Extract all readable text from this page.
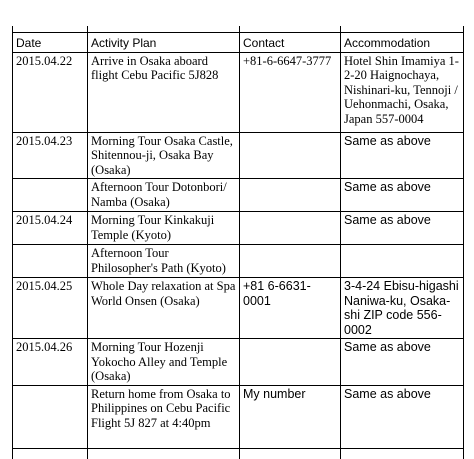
Date	Activity Plan	Contact	Accommodation
2015.04.22	Arrive in Osaka aboard flight Cebu Pacific 5J828	+81-6-6647-3777	Hotel Shin Imamiya 1-2-20 Haignochaya, Nishinari-ku, Tennoji / Uehonmachi, Osaka, Japan 557-0004
2015.04.23	Morning Tour Osaka Castle, Shitennou-ji, Osaka Bay (Osaka)		Same as above
	Afternoon Tour Dotonbori/ Namba (Osaka)		Same as above
2015.04.24	Morning Tour Kinkakuji Temple (Kyoto)		Same as above
	Afternoon Tour Philosopher's Path (Kyoto)		
2015.04.25	Whole Day relaxation at Spa World Onsen (Osaka)	+81 6-6631-0001	3-4-24 Ebisu-higashi Naniwa-ku, Osaka-shi ZIP code 556-0002
2015.04.26	Morning Tour Hozenji Yokocho Alley and Temple (Osaka)		Same as above
	Return home from Osaka to Philippines on Cebu Pacific Flight 5J 827 at 4:40pm	My number	Same as above
